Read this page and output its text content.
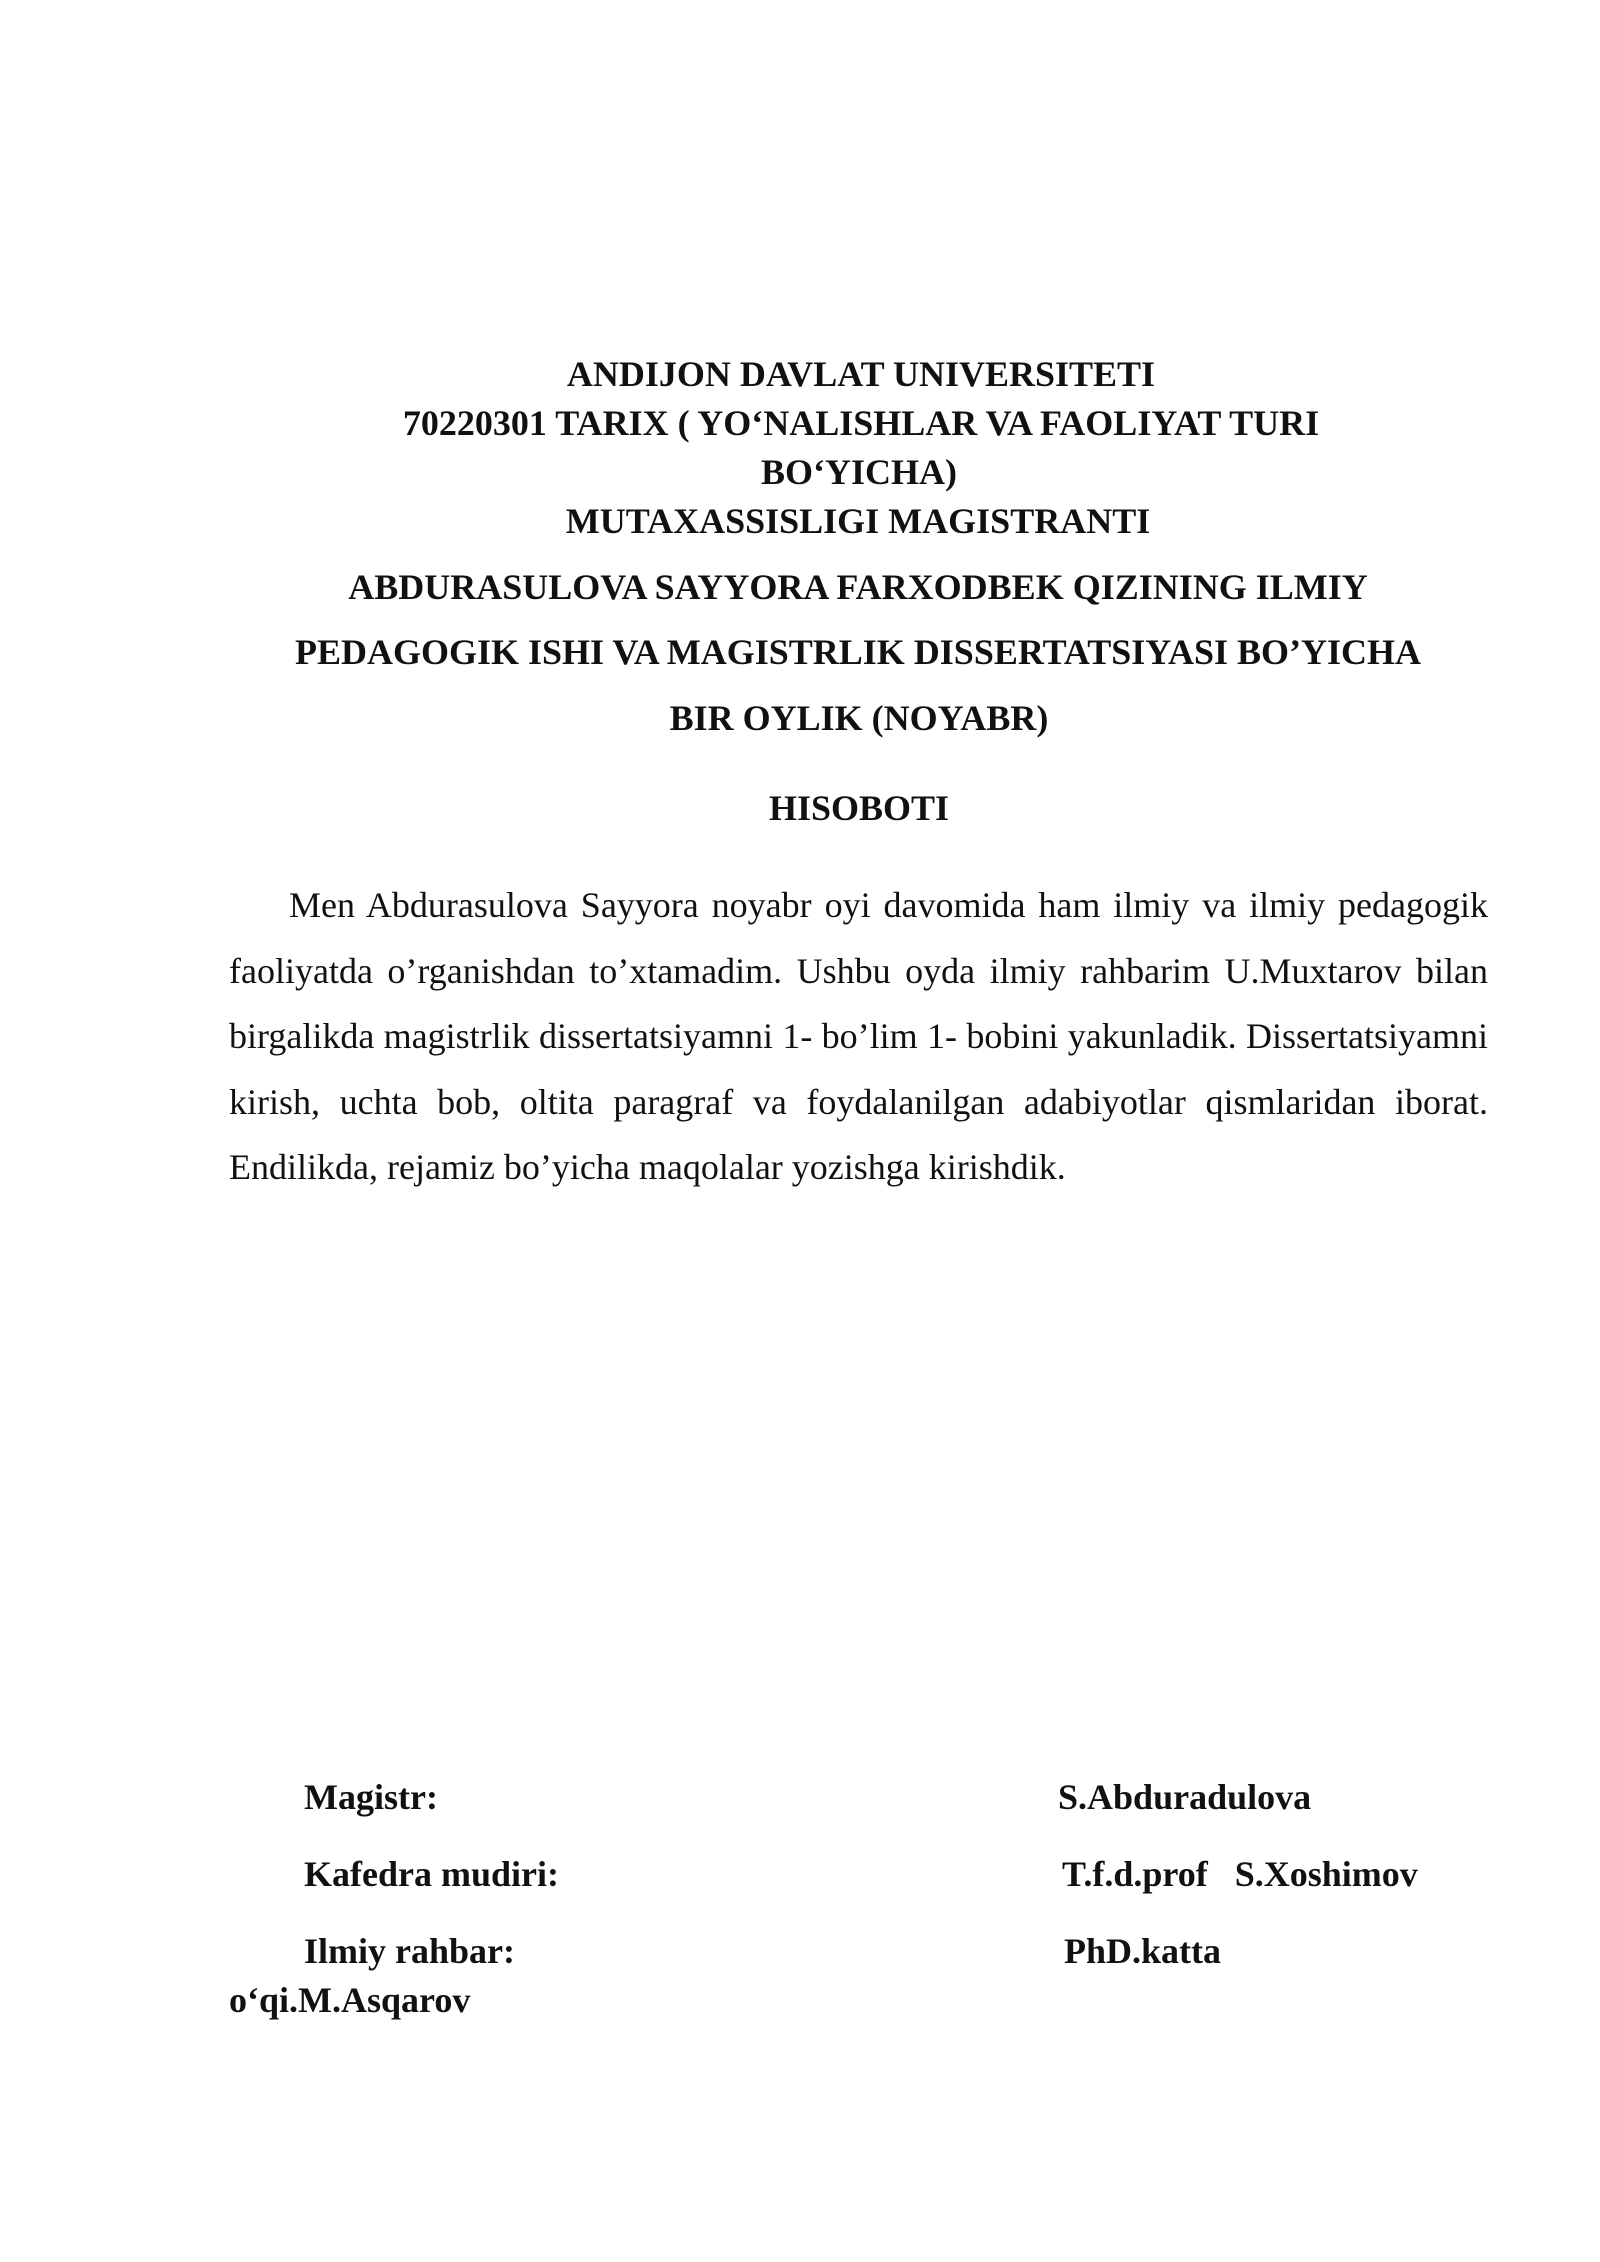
ANDIJON DAVLAT UNIVERSITETI
70220301 TARIX ( YO‘NALISHLAR VA FAOLIYAT TURI
BO‘YICHA)
MUTAXASSISLIGI MAGISTRANTI
ABDURASULOVA SAYYORA FARXODBEK QIZINING ILMIY
PEDAGOGIK ISHI VA MAGISTRLIK DISSERTATSIYASI BO’YICHA
BIR OYLIK (NOYABR)
HISOBOTI

Men Abdurasulova Sayyora noyabr oyi davomida ham ilmiy va ilmiy pedagogik faoliyatda o’rganishdan to’xtamadim. Ushbu oyda ilmiy rahbarim U.Muxtarov bilan birgalikda magistrlik dissertatsiyamni 1- bo’lim 1- bobini yakunladik. Dissertatsiyamni kirish, uchta bob, oltita paragraf va foydalanilgan adabiyotlar qismlaridan iborat. Endilikda, rejamiz bo’yicha maqolalar yozishga kirishdik.

Magistr:	S.Abduradulova
Kafedra mudiri:	T.f.d.prof   S.Xoshimov
Ilmiy rahbar:	PhD.katta
o‘qi.M.Asqarov
